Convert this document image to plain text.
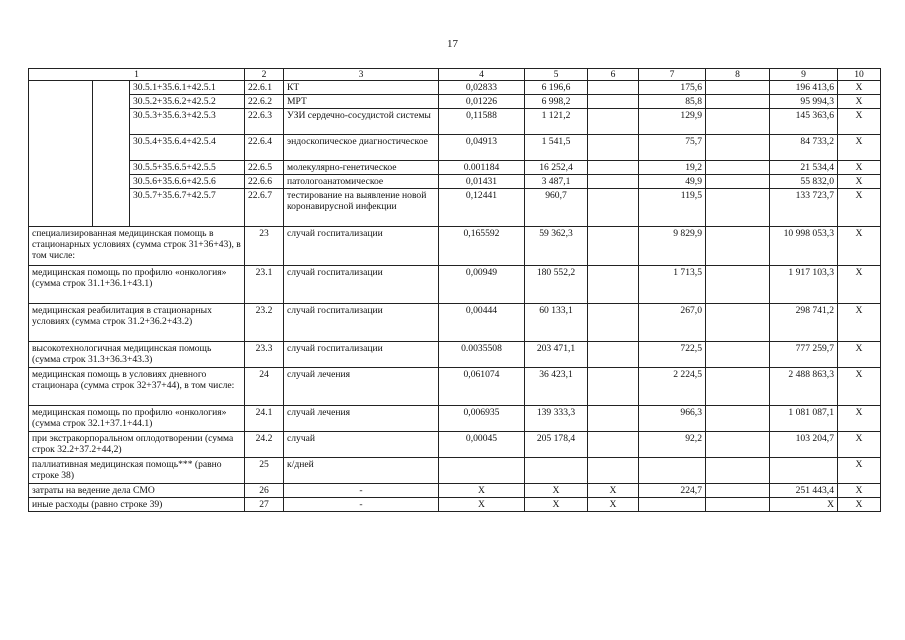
17
1			2	3	4	5	6	7	8	9	10
		30.5.1+35.6.1+42.5.1	22.6.1	КТ	0,02833	6 196,6		175,6		196 413,6	X
		30.5.2+35.6.2+42.5.2	22.6.2	МРТ	0,01226	6 998,2		85,8		95 994,3	X
		30.5.3+35.6.3+42.5.3	22.6.3	УЗИ сердечно-сосудистой системы	0,11588	1 121,2		129,9		145 363,6	X
		30.5.4+35.6.4+42.5.4	22.6.4	эндоскопическое диагностическое	0,04913	1 541,5		75,7		84 733,2	X
		30.5.5+35.6.5+42.5.5	22.6.5	молекулярно-генетическое	0.001184	16 252,4		19,2		21 534,4	X
		30.5.6+35.6.6+42.5.6	22.6.6	патологоанатомическое	0,01431	3 487,1		49,9		55 832,0	X
		30.5.7+35.6.7+42.5.7	22.6.7	тестирование на выявление новой коронавирусной инфекции	0,12441	960,7		119,5		133 723,7	X
специализированная медицинская помощь в стационарных условиях (сумма строк 31+36+43), в том числе:			23	случай госпитализации	0,165592	59 362,3		9 829,9		10 998 053,3	X
медицинская помощь по профилю «онкология» (сумма строк 31.1+36.1+43.1)			23.1	случай госпитализации	0,00949	180 552,2		1 713,5		1 917 103,3	X
медицинская реабилитация в стационарных условиях (сумма строк 31.2+36.2+43.2)			23.2	случай госпитализации	0,00444	60 133,1		267,0		298 741,2	X
высокотехнологичная медицинская помощь (сумма строк 31.3+36.3+43.3)			23.3	случай госпитализации	0.0035508	203 471,1		722,5		777 259,7	X
медицинская помощь в условиях дневного стационара (сумма строк 32+37+44), в том числе:			24	случай лечения	0,061074	36 423,1		2 224,5		2 488 863,3	X
медицинская помощь по профилю «онкология» (сумма строк 32.1+37.1+44.1)			24.1	случай лечения	0,006935	139 333,3		966,3		1 081 087,1	X
при экстракорпоральном оплодотворении (сумма строк 32.2+37.2+44,2)			24.2	случай	0,00045	205 178,4		92,2		103 204,7	X
паллиативная медицинская помощь*** (равно строке 38)			25	к/дней							X
затраты на ведение дела СМО			26	-	X	X	X	224,7		251 443,4	X
иные расходы (равно строке 39)			27	-	X	X	X			X	X
